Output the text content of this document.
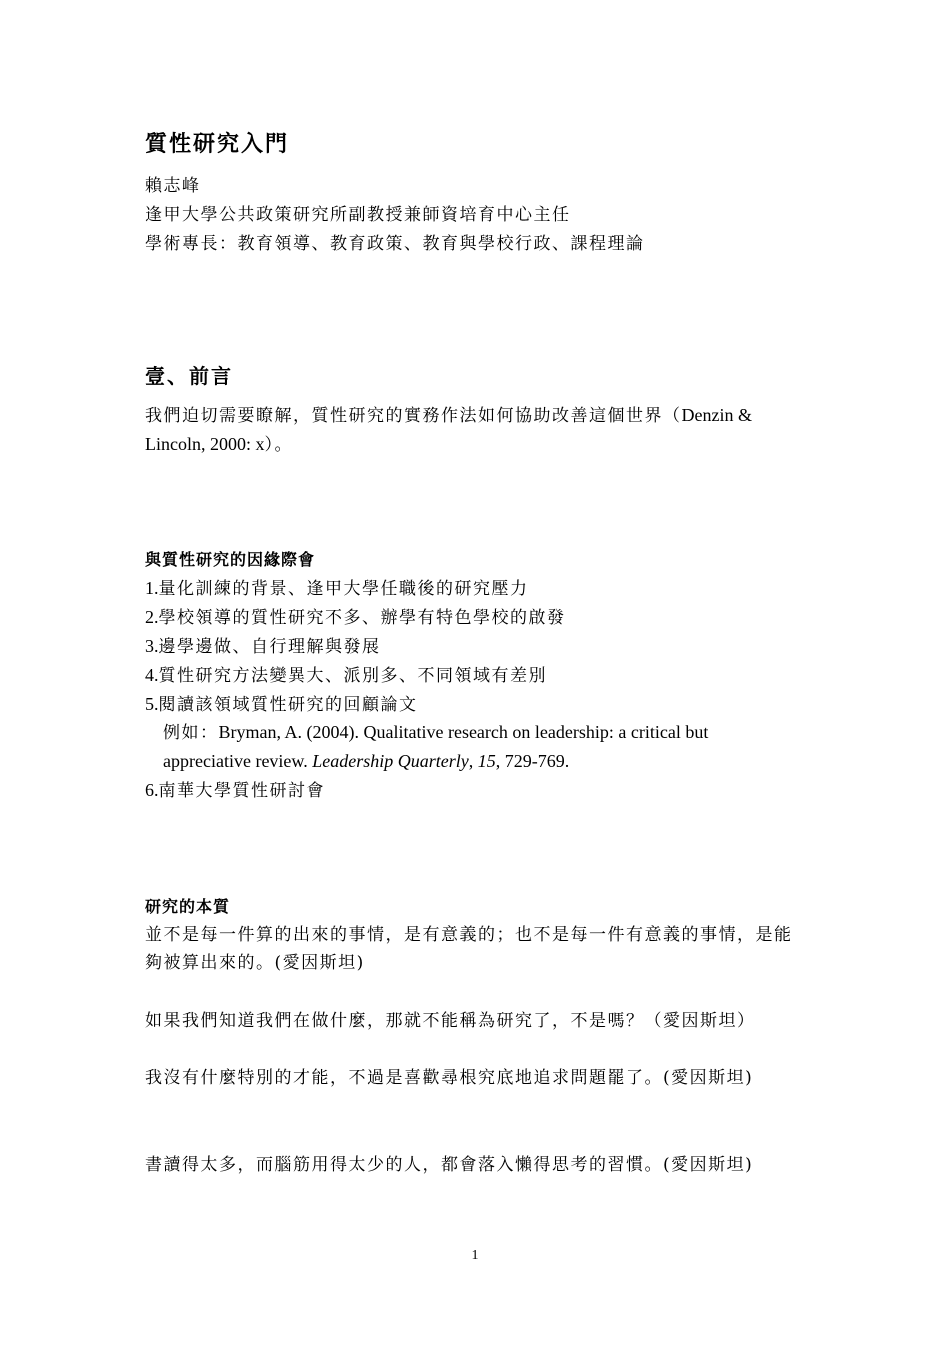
質性研究入門
賴志峰
逢甲大學公共政策研究所副教授兼師資培育中心主任
學術專長：教育領導、教育政策、教育與學校行政、課程理論
壹、前言
我們迫切需要瞭解，質性研究的實務作法如何協助改善這個世界（Denzin &
Lincoln, 2000: x）。
與質性研究的因緣際會
1.量化訓練的背景、逢甲大學任職後的研究壓力
2.學校領導的質性研究不多、辦學有特色學校的啟發
3.邊學邊做、自行理解與發展
4.質性研究方法變異大、派別多、不同領域有差別
5.閱讀該領域質性研究的回顧論文
例如：Bryman, A. (2004). Qualitative research on leadership: a critical but
appreciative review. Leadership Quarterly, 15, 729-769.
6.南華大學質性研討會
研究的本質
並不是每一件算的出來的事情，是有意義的；也不是每一件有意義的事情，是能
夠被算出來的。(愛因斯坦)
如果我們知道我們在做什麼，那就不能稱為研究了，不是嗎？（愛因斯坦）
我沒有什麼特別的才能，不過是喜歡尋根究底地追求問題罷了。(愛因斯坦)
書讀得太多，而腦筋用得太少的人，都會落入懶得思考的習慣。(愛因斯坦)
1
